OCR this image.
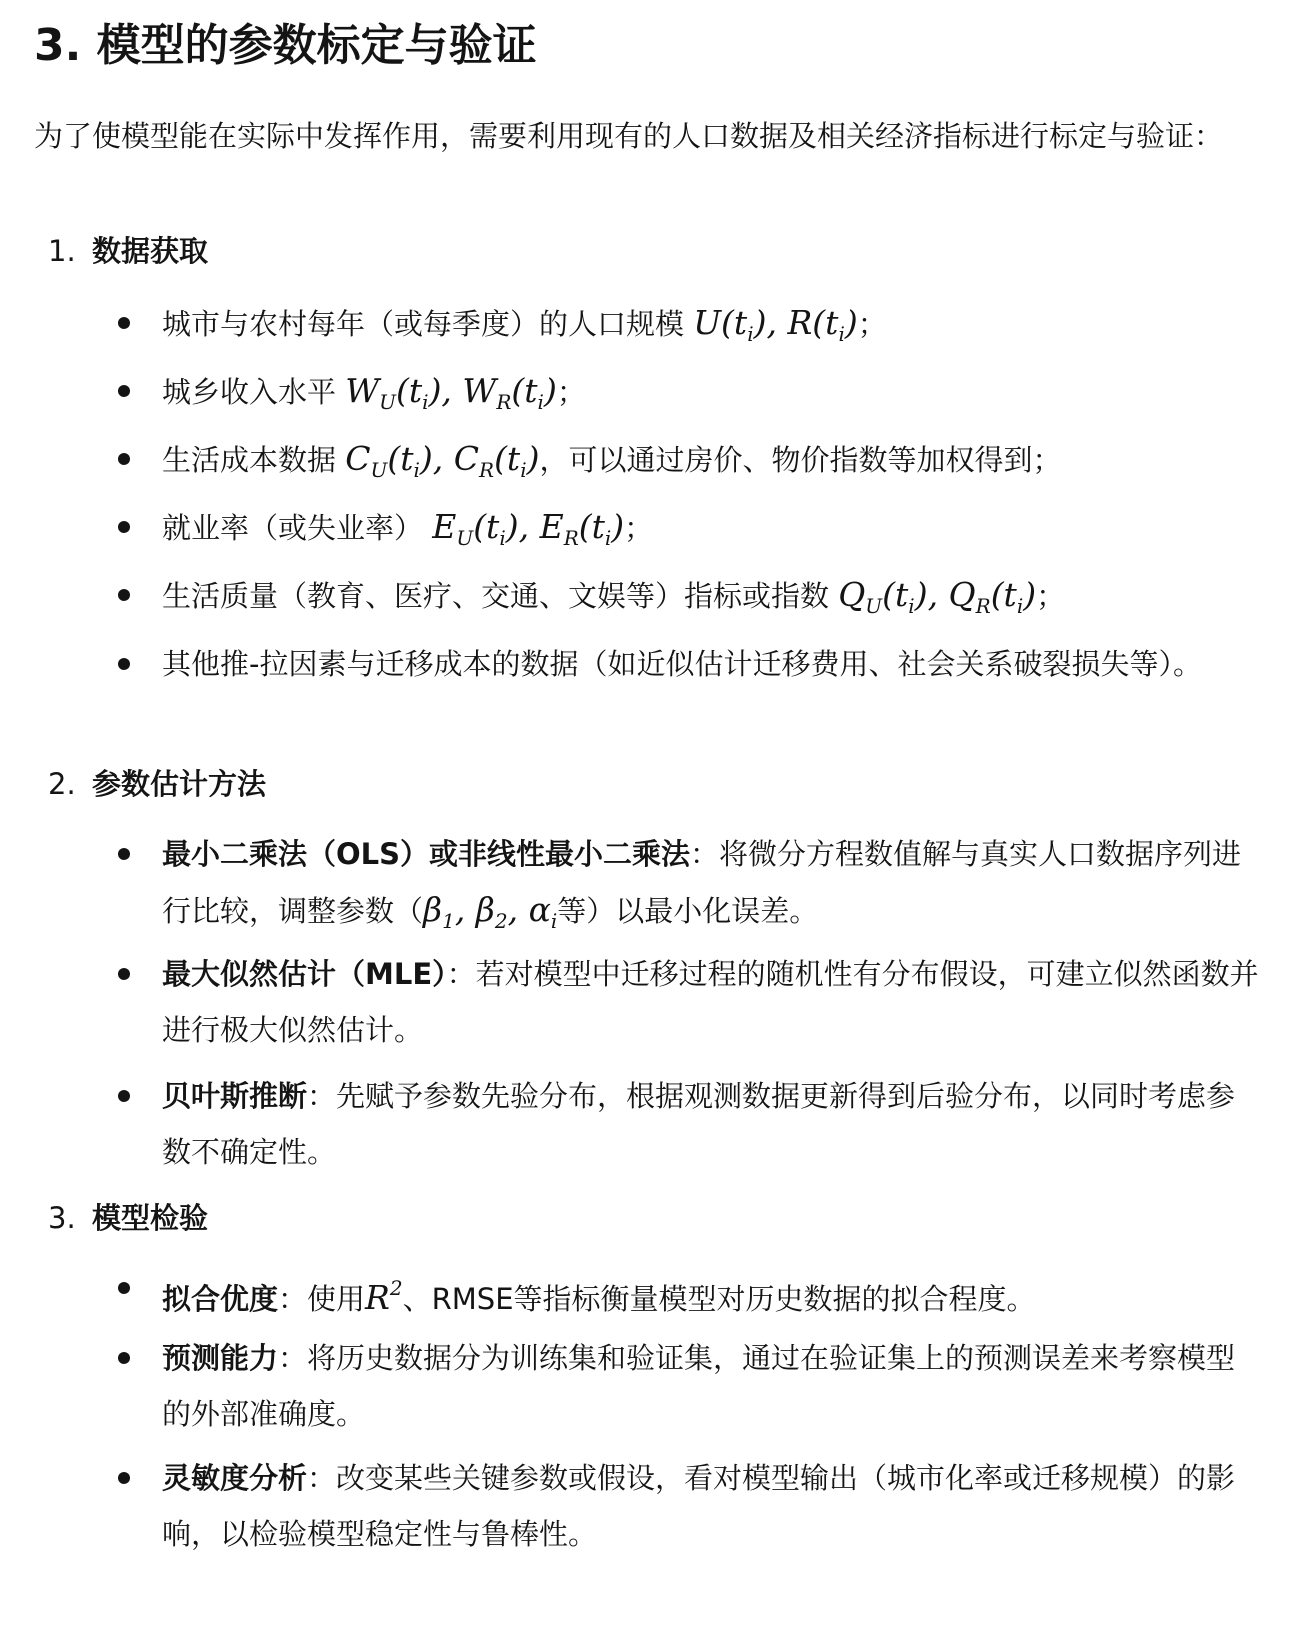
3. 模型的参数标定与验证
为了使模型能在实际中发挥作用，需要利用现有的人口数据及相关经济指标进行标定与验证：
1. 数据获取
城市与农村每年（或每季度）的人口规模 $U(t_i)$, $R(t_i)$；
城乡收入水平 $W_U(t_i)$, $W_R(t_i)$；
生活成本数据 $C_U(t_i)$, $C_R(t_i)$，可以通过房价、物价指数等加权得到；
就业率（或失业率） $E_U(t_i)$, $E_R(t_i)$；
生活质量（教育、医疗、交通、文娱等）指标或指数 $Q_U(t_i)$, $Q_R(t_i)$；
其他推-拉因素与迁移成本的数据（如近似估计迁移费用、社会关系破裂损失等）。
2. 参数估计方法
最小二乘法（OLS）或非线性最小二乘法：将微分方程数值解与真实人口数据序列进行比较，调整参数（$\beta_1$, $\beta_2$, $\alpha_i$等）以最小化误差。
最大似然估计（MLE）：若对模型中迁移过程的随机性有分布假设，可建立似然函数并进行极大似然估计。
贝叶斯推断：先赋予参数先验分布，根据观测数据更新得到后验分布，以同时考虑参数不确定性。
3. 模型检验
拟合优度：使用$R^2$、RMSE等指标衡量模型对历史数据的拟合程度。
预测能力：将历史数据分为训练集和验证集，通过在验证集上的预测误差来考察模型的外部准确度。
灵敏度分析：改变某些关键参数或假设，看对模型输出（城市化率或迁移规模）的影响，以检验模型稳定性与鲁棒性。
